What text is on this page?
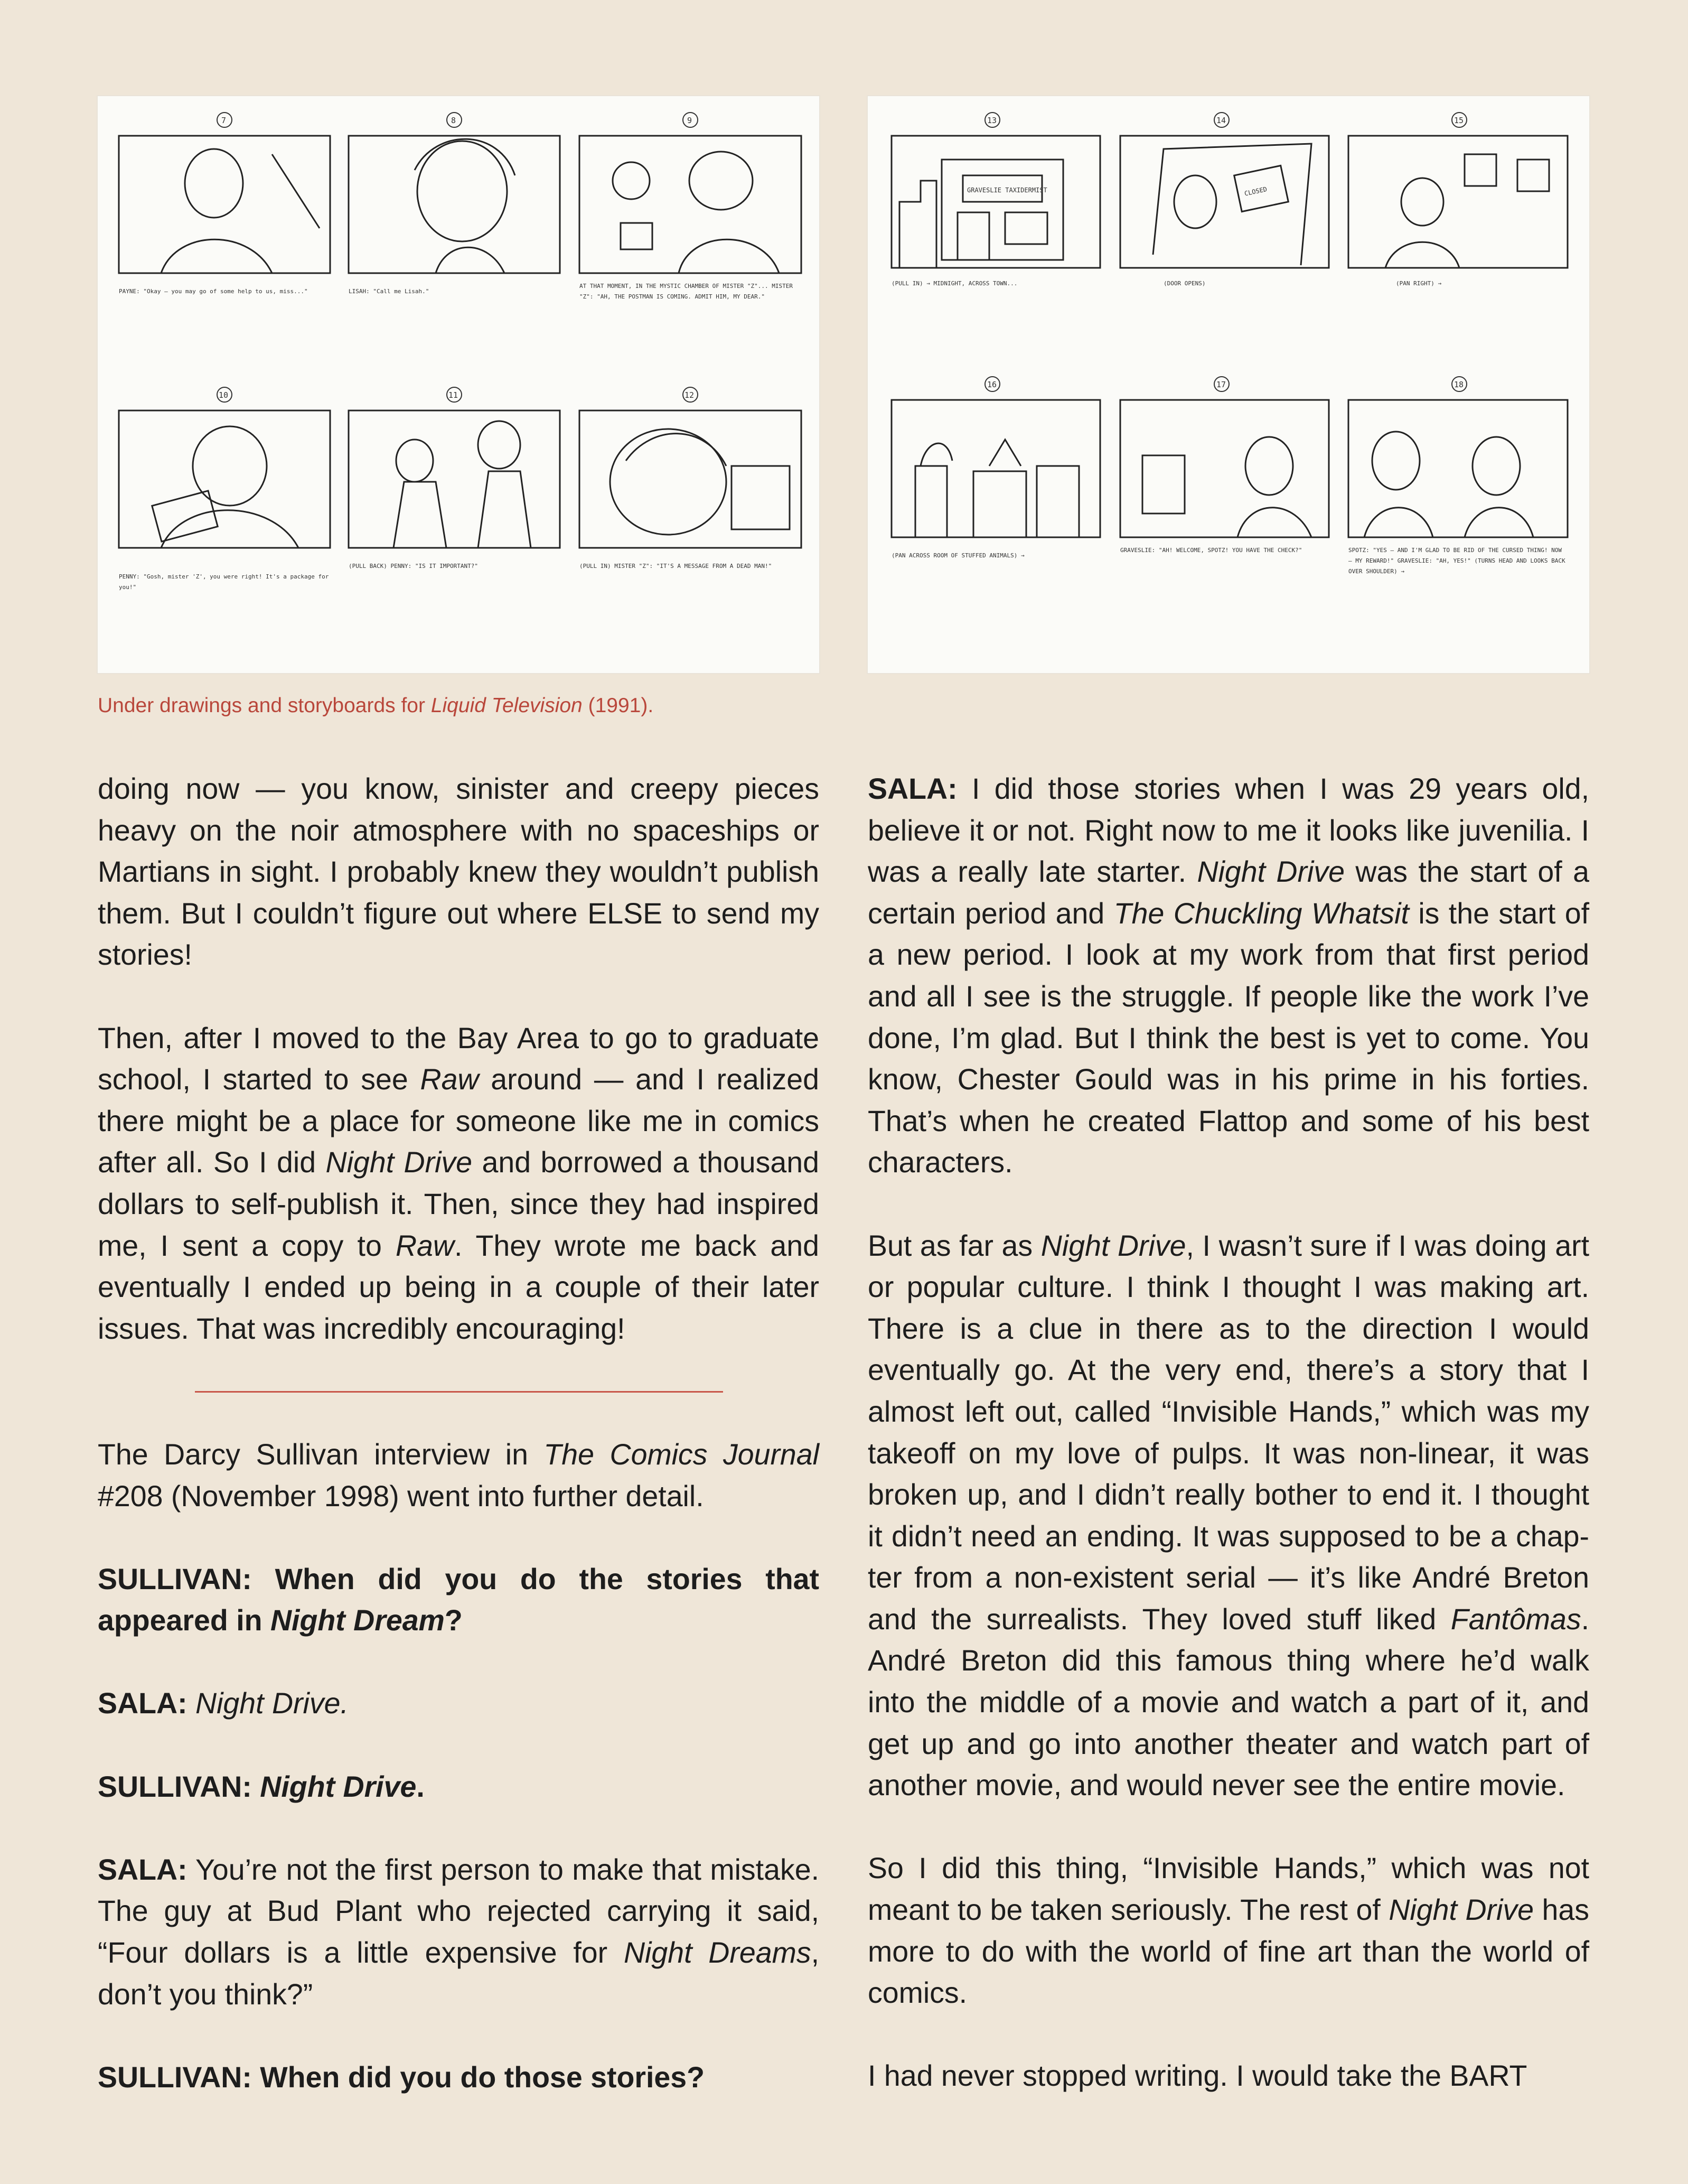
7	8	9
10	11	12
PAYNE: "Okay — you may go of some help to us, miss..."	LISAH: "Call me Lisah."
AT THAT MOMENT, IN THE MYSTIC CHAMBER OF MISTER "Z"... MISTER "Z": "AH, THE POSTMAN IS COMING. ADMIT HIM, MY DEAR."
PENNY: "Gosh, mister 'Z', you were right! It's a package for you!"
(PULL BACK) PENNY: "IS IT IMPORTANT?"	(PULL IN) MISTER "Z": "IT'S A MESSAGE FROM A DEAD MAN!"
13	14	15
16	17	18
GRAVESLIE TAXIDERMIST	CLOSED
(PULL IN) → MIDNIGHT, ACROSS TOWN...	(DOOR OPENS)	(PAN RIGHT) →
(PAN ACROSS ROOM OF STUFFED ANIMALS) →
GRAVESLIE: "AH! WELCOME, SPOTZ! YOU HAVE THE CHECK?"	SPOTZ: "YES — AND I'M GLAD TO BE RID OF THE CURSED THING! NOW — MY REWARD!" GRAVESLIE: "AH, YES!" (TURNS HEAD AND LOOKS BACK OVER SHOULDER) →
Under drawings and storyboards for Liquid Television (1991).

doing now — you know, sinister and creepy pieces heavy on the noir atmosphere with no spaceships or Martians in sight. I probably knew they wouldn’t publish them. But I couldn’t figure out where ELSE to send my stories!

Then, after I moved to the Bay Area to go to graduate school, I started to see Raw around — and I realized there might be a place for someone like me in comics after all. So I did Night Drive and borrowed a thousand dollars to self-publish it. Then, since they had inspired me, I sent a copy to Raw. They wrote me back and eventually I ended up being in a couple of their later issues. That was incredibly encouraging!

The Darcy Sullivan interview in The Comics Journal #208 (November 1998) went into further detail.

SULLIVAN: When did you do the stories that appeared in Night Dream?

SALA: Night Drive.

SULLIVAN: Night Drive.

SALA: You’re not the first person to make that mistake. The guy at Bud Plant who rejected carrying it said, “Four dollars is a little expensive for Night Dreams, don’t you think?”

SULLIVAN: When did you do those stories?

SALA: I did those stories when I was 29 years old, believe it or not. Right now to me it looks like juvenilia. I was a really late starter. Night Drive was the start of a certain period and The Chuckling Whatsit is the start of a new period. I look at my work from that first period and all I see is the struggle. If people like the work I’ve done, I’m glad. But I think the best is yet to come. You know, Chester Gould was in his prime in his forties. That’s when he created Flattop and some of his best characters.

But as far as Night Drive, I wasn’t sure if I was doing art or popular culture. I think I thought I was making art. There is a clue in there as to the direction I would eventually go. At the very end, there’s a story that I almost left out, called “Invisible Hands,” which was my takeoff on my love of pulps. It was non-linear, it was broken up, and I didn’t really bother to end it. I thought it didn’t need an ending. It was supposed to be a chap-ter from a non-existent serial — it’s like André Breton and the surrealists. They loved stuff liked Fantômas. André Breton did this famous thing where he’d walk into the middle of a movie and watch a part of it, and get up and go into another theater and watch part of another movie, and would never see the entire movie.

So I did this thing, “Invisible Hands,” which was not meant to be taken seriously. The rest of Night Drive has more to do with the world of fine art than the world of comics.

I had never stopped writing. I would take the BART
